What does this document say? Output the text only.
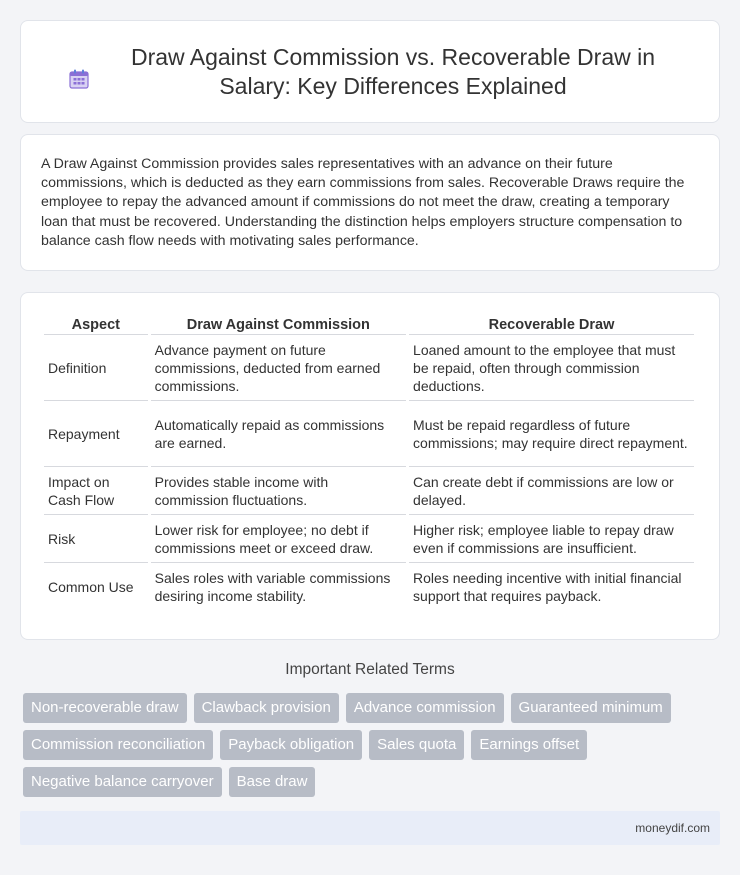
Draw Against Commission vs. Recoverable Draw in Salary: Key Differences Explained

A Draw Against Commission provides sales representatives with an advance on their future commissions, which is deducted as they earn commissions from sales. Recoverable Draws require the employee to repay the advanced amount if commissions do not meet the draw, creating a temporary loan that must be recovered. Understanding the distinction helps employers structure compensation to balance cash flow needs with motivating sales performance.

Aspect	Draw Against Commission	Recoverable Draw
Definition	Advance payment on future commissions, deducted from earned commissions.	Loaned amount to the employee that must be repaid, often through commission deductions.
Repayment	Automatically repaid as commissions are earned.	Must be repaid regardless of future commissions; may require direct repayment.
Impact on Cash Flow	Provides stable income with commission fluctuations.	Can create debt if commissions are low or delayed.
Risk	Lower risk for employee; no debt if commissions meet or exceed draw.	Higher risk; employee liable to repay draw even if commissions are insufficient.
Common Use	Sales roles with variable commissions desiring income stability.	Roles needing incentive with initial financial support that requires payback.
Important Related Terms
Non-recoverable draw	Clawback provision	Advance commission	Guaranteed minimum
Commission reconciliation	Payback obligation	Sales quota	Earnings offset
Negative balance carryover	Base draw
moneydif.com
